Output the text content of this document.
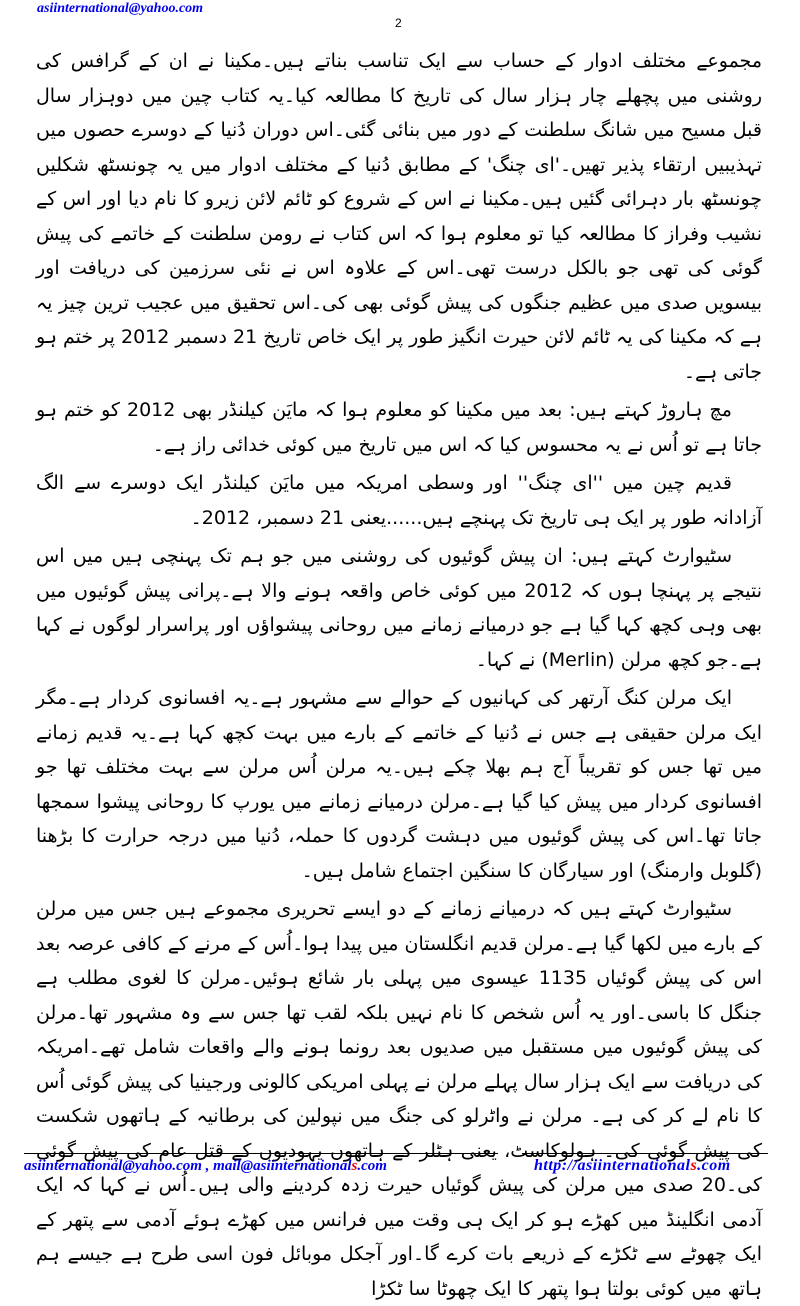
asiinternational@yahoo.com
2

مجموعے مختلف ادوار کے حساب سے ایک تناسب بناتے ہیں۔مکینا نے ان کے گرافس کی روشنی میں پچھلے چار ہزار سال کی تاریخ کا مطالعہ کیا۔یہ کتاب چین میں دوہزار سال قبل مسیح میں شانگ سلطنت کے دور میں بنائی گئی۔اس دوران دُنیا کے دوسرے حصوں میں تہذیبیں ارتقاء پذیر تھیں۔'ای چنگ' کے مطابق دُنیا کے مختلف ادوار میں یہ چونسٹھ شکلیں چونسٹھ بار دہرائی گئیں ہیں۔مکینا نے اس کے شروع کو ٹائم لائن زیرو کا نام دیا اور اس کے نشیب وفراز کا مطالعہ کیا تو معلوم ہوا کہ اس کتاب نے رومن سلطنت کے خاتمے کی پیش گوئی کی تھی جو بالکل درست تھی۔اس کے علاوہ اس نے نئی سرزمین کی دریافت اور بیسویں صدی میں عظیم جنگوں کی پیش گوئی بھی کی۔اس تحقیق میں عجیب ترین چیز یہ ہے کہ مکینا کی یہ ٹائم لائن حیرت انگیز طور پر ایک خاص تاریخ 21 دسمبر 2012 پر ختم ہو جاتی ہے۔

مچ ہاروڑ کہتے ہیں: بعد میں مکینا کو معلوم ہوا کہ مایَن کیلنڈر بھی 2012 کو ختم ہو جاتا ہے تو اُس نے یہ محسوس کیا کہ اس میں تاریخ میں کوئی خدائی راز ہے۔

قدیم چین میں ''ای چنگ'' اور وسطی امریکہ میں مایَن کیلنڈر ایک دوسرے سے الگ آزادانہ طور پر ایک ہی تاریخ تک پہنچے ہیں......یعنی 21 دسمبر، 2012۔

سٹیوارٹ کہتے ہیں: ان پیش گوئیوں کی روشنی میں جو ہم تک پہنچی ہیں میں اس نتیجے پر پہنچا ہوں کہ 2012 میں کوئی خاص واقعہ ہونے والا ہے۔پرانی پیش گوئیوں میں بھی وہی کچھ کہا گیا ہے جو درمیانے زمانے میں روحانی پیشواؤں اور پراسرار لوگوں نے کہا ہے۔جو کچھ مرلن (Merlin) نے کہا۔

ایک مرلن کنگ آرتھر کی کہانیوں کے حوالے سے مشہور ہے۔یہ افسانوی کردار ہے۔مگر ایک مرلن حقیقی ہے جس نے دُنیا کے خاتمے کے بارے میں بہت کچھ کہا ہے۔یہ قدیم زمانے میں تھا جس کو تقریباً آج ہم بھلا چکے ہیں۔یہ مرلن اُس مرلن سے بہت مختلف تھا جو افسانوی کردار میں پیش کیا گیا ہے۔مرلن درمیانے زمانے میں یورپ کا روحانی پیشوا سمجھا جاتا تھا۔اس کی پیش گوئیوں میں دہشت گردوں کا حملہ، دُنیا میں درجہ حرارت کا بڑھنا (گلوبل وارمنگ) اور سیارگان کا سنگین اجتماع شامل ہیں۔

سٹیوارٹ کہتے ہیں کہ درمیانے زمانے کے دو ایسے تحریری مجموعے ہیں جس میں مرلن کے بارے میں لکھا گیا ہے۔مرلن قدیم انگلستان میں پیدا ہوا۔اُس کے مرنے کے کافی عرصہ بعد اس کی پیش گوئیاں 1135 عیسوی میں پہلی بار شائع ہوئیں۔مرلن کا لغوی مطلب ہے جنگل کا باسی۔اور یہ اُس شخص کا نام نہیں بلکہ لقب تھا جس سے وہ مشہور تھا۔مرلن کی پیش گوئیوں میں مستقبل میں صدیوں بعد رونما ہونے والے واقعات شامل تھے۔امریکہ کی دریافت سے ایک ہزار سال پہلے مرلن نے پہلی امریکی کالونی ورجینیا کی پیش گوئی اُس کا نام لے کر کی ہے۔ مرلن نے واٹرلو کی جنگ میں نپولین کی برطانیہ کے ہاتھوں شکست کی پیش گوئی کی۔ ہولوکاسٹ، یعنی ہٹلر کے ہاتھوں یہودیوں کے قتل عام کی پیش گوئی کی۔20 صدی میں مرلن کی پیش گوئیاں حیرت زدہ کردینے والی ہیں۔اُس نے کہا کہ ایک آدمی انگلینڈ میں کھڑے ہو کر ایک ہی وقت میں فرانس میں کھڑے ہوئے آدمی سے پتھر کے ایک چھوٹے سے ٹکڑے کے ذریعے بات کرے گا۔اور آجکل موبائل فون اسی طرح ہے جیسے ہم ہاتھ میں کوئی بولتا ہوا پتھر کا ایک چھوٹا سا ٹکڑا

asiinternational@yahoo.com , mail@asiinternationals.com	http://asiinternationals.com
